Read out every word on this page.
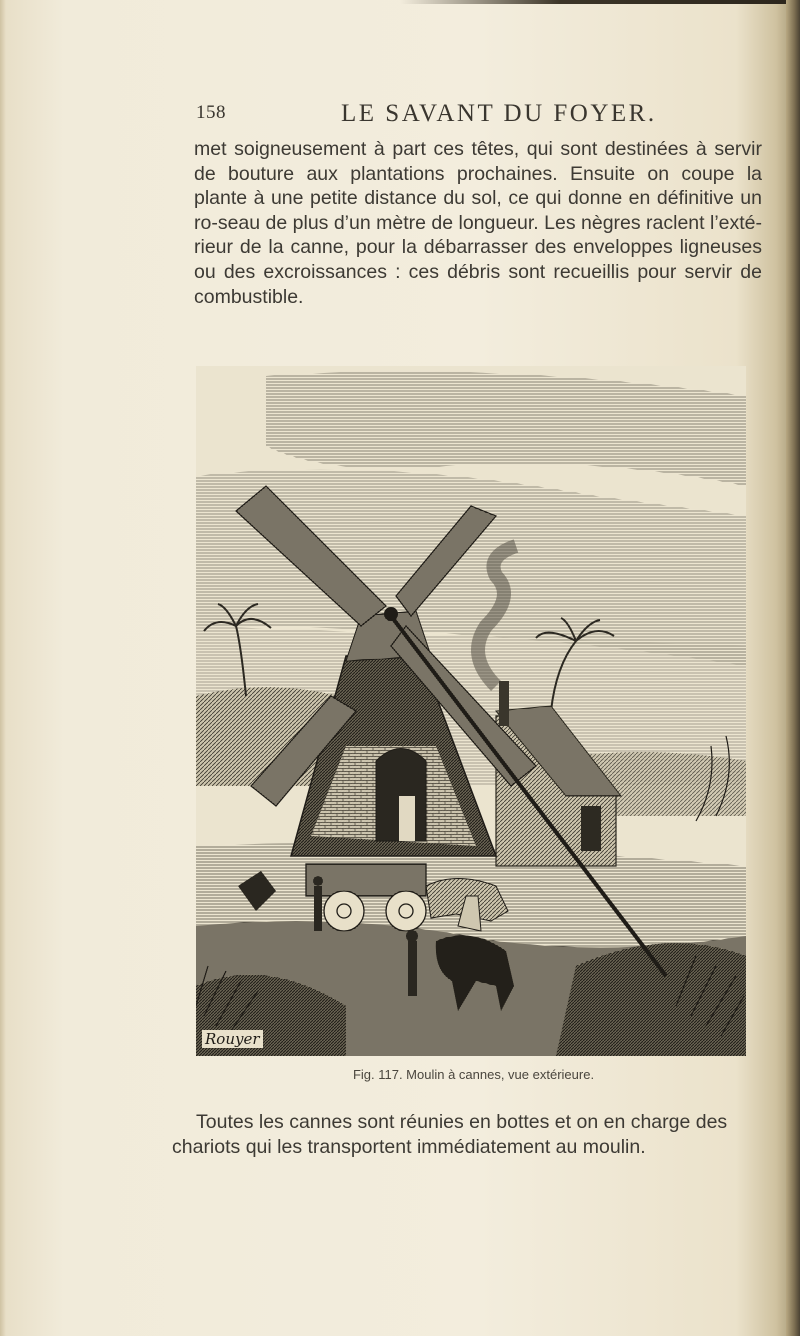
158	LE SAVANT DU FOYER.
met soigneusement à part ces têtes, qui sont destinées à servir de bouture aux plantations prochaines. Ensuite on coupe la plante à une petite distance du sol, ce qui donne en définitive un ro-seau de plus d’un mètre de longueur. Les nègres raclent l’exté-rieur de la canne, pour la débarrasser des enveloppes ligneuses ou des excroissances : ces débris sont recueillis pour servir de combustible.
Rouyer
Fig. 117. Moulin à cannes, vue extérieure.
Toutes les cannes sont réunies en bottes et on en charge des chariots qui les transportent immédiatement au moulin.
